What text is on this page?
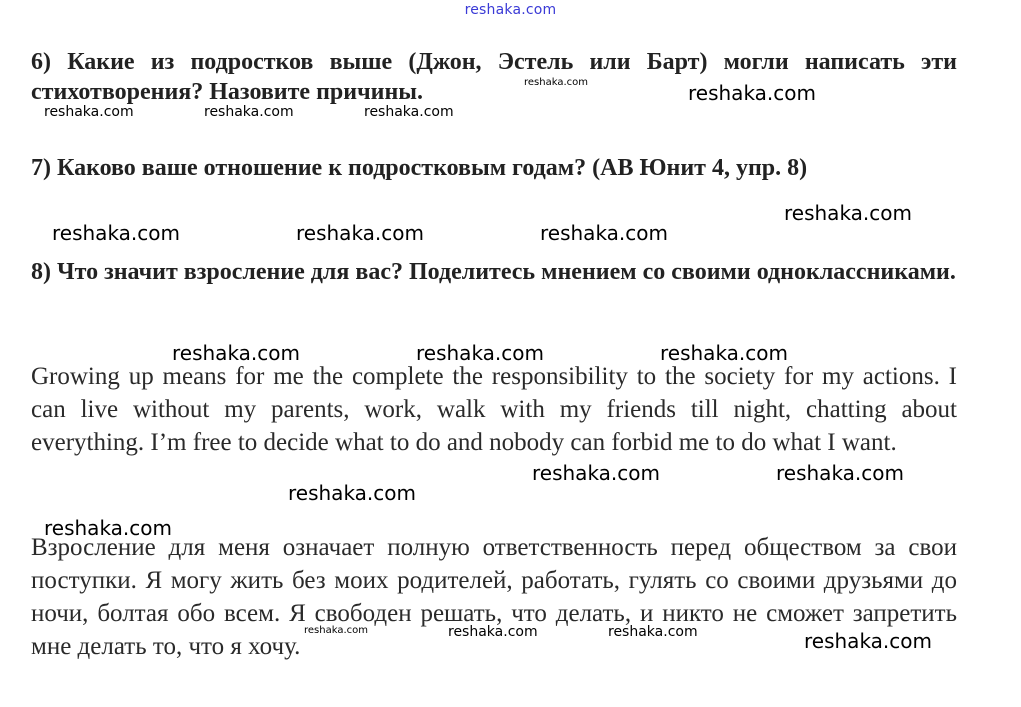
reshaka.com
6) Какие из подростков выше (Джон, Эстель или Барт) могли написать эти стихотворения? Назовите причины.
7) Каково ваше отношение к подростковым годам? (АВ Юнит 4, упр. 8)
8) Что значит взросление для вас? Поделитесь мнением со своими одноклассниками.
Growing up means for me the complete the responsibility to the society for my actions. I can live without my parents, work, walk with my friends till night, chatting about everything. I’m free to decide what to do and nobody can forbid me to do what I want.
Взросление для меня означает полную ответственность перед обществом за свои поступки. Я могу жить без моих родителей, работать, гулять со своими друзьями до ночи, болтая обо всем. Я свободен решать, что делать, и никто не сможет запретить мне делать то, что я хочу.
reshaka.com	reshaka.com
reshaka.com	reshaka.com	reshaka.com
reshaka.com
reshaka.com	reshaka.com	reshaka.com
reshaka.com	reshaka.com	reshaka.com
reshaka.com	reshaka.com
reshaka.com
reshaka.com
reshaka.com	reshaka.com	reshaka.com	reshaka.com
